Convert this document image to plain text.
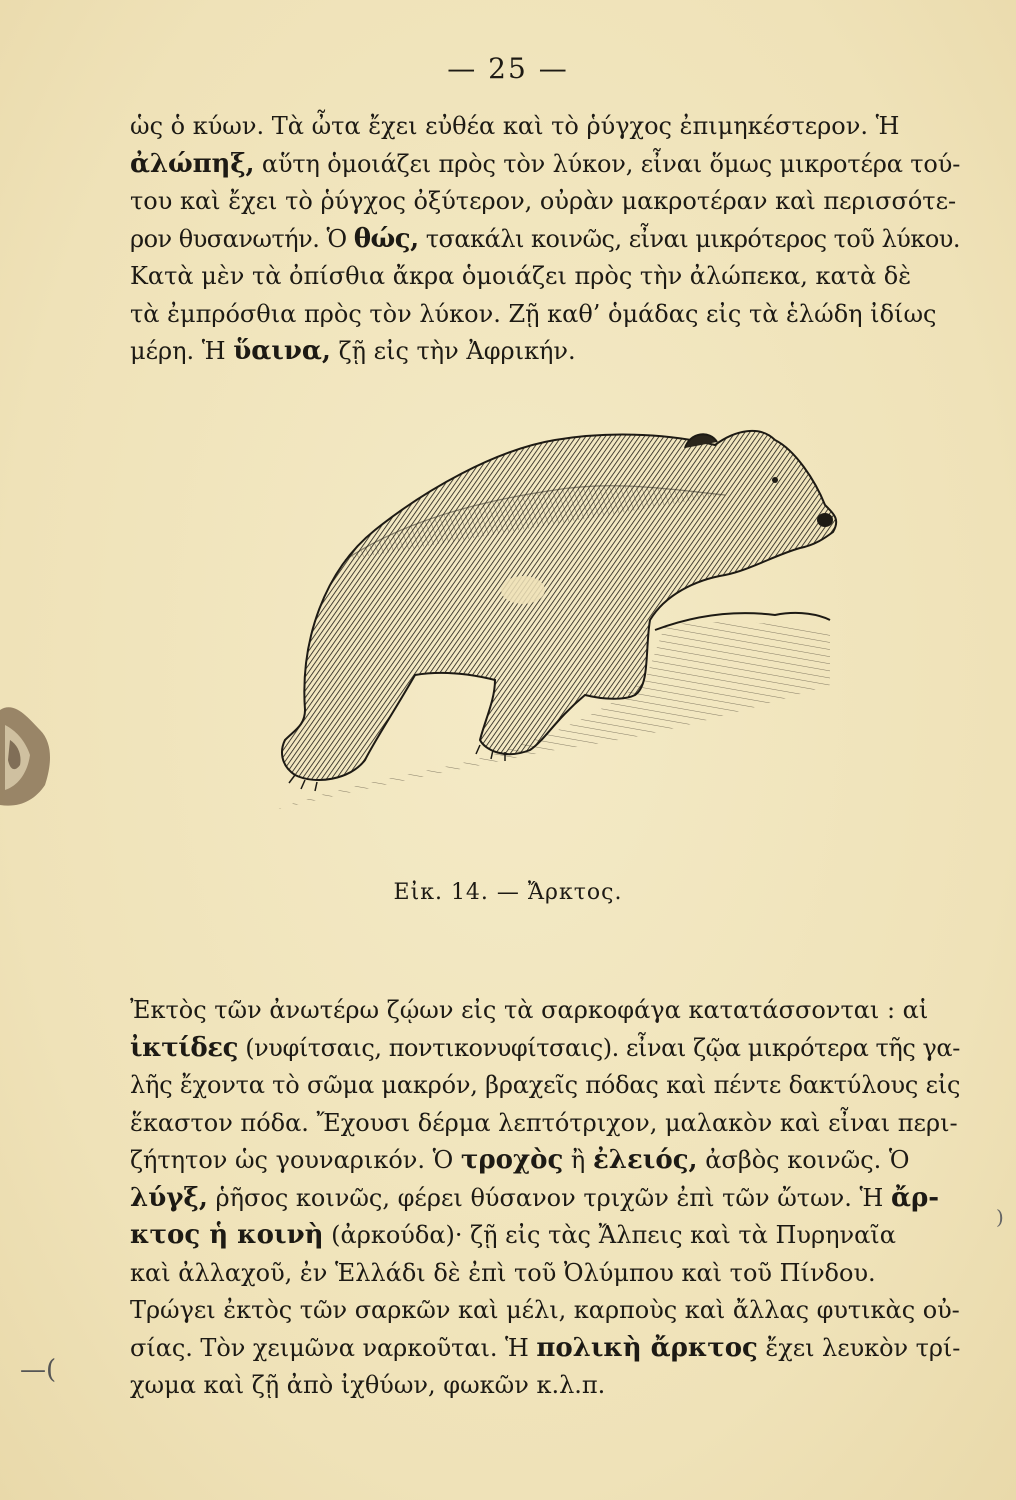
— 25 —
ὡς ὁ κύων. Τὰ ὦτα ἔχει εὐθέα καὶ τὸ ῥύγχος ἐπιμηκέστερον. Ἡ
ἀλώπηξ, αὕτη ὁμοιάζει πρὸς τὸν λύκον, εἶναι ὅμως μικροτέρα τού-
του καὶ ἔχει τὸ ῥύγχος ὀξύτερον, οὐρὰν μακροτέραν καὶ περισσότε-
ρον θυσανωτήν. Ὁ θώς, τσακάλι κοινῶς, εἶναι μικρότερος τοῦ λύκου.
Κατὰ μὲν τὰ ὀπίσθια ἄκρα ὁμοιάζει πρὸς τὴν ἀλώπεκα, κατὰ δὲ
τὰ ἐμπρόσθια πρὸς τὸν λύκον. Ζῇ καθ’ ὁμάδας εἰς τὰ ἑλώδη ἰδίως
μέρη. Ἡ ὕαινα, ζῇ εἰς τὴν Ἀφρικήν.
Εἰκ. 14. — Ἄρκτος.
Ἐκτὸς τῶν ἀνωτέρω ζῴων εἰς τὰ σαρκοφάγα κατατάσσονται : αἱ
ἰκτίδες (νυφίτσαις, ποντικονυφίτσαις). εἶναι ζῷα μικρότερα τῆς γα-
λῆς ἔχοντα τὸ σῶμα μακρόν, βραχεῖς πόδας καὶ πέντε δακτύλους εἰς
ἕκαστον πόδα. Ἔχουσι δέρμα λεπτότριχον, μαλακὸν καὶ εἶναι περι-
ζήτητον ὡς γουναρικόν. Ὁ τροχὸς ἢ ἐλειός, ἀσβὸς κοινῶς. Ὁ
λύγξ, ῥῆσος κοινῶς, φέρει θύσανον τριχῶν ἐπὶ τῶν ὤτων. Ἡ ἄρ-
κτος ἡ κοινὴ (ἀρκούδα)· ζῇ εἰς τὰς Ἄλπεις καὶ τὰ Πυρηναῖα
καὶ ἀλλαχοῦ, ἐν Ἑλλάδι δὲ ἐπὶ τοῦ Ὀλύμπου καὶ τοῦ Πίνδου.
Τρώγει ἐκτὸς τῶν σαρκῶν καὶ μέλι, καρποὺς καὶ ἄλλας φυτικὰς οὐ-
σίας. Τὸν χειμῶνα ναρκοῦται. Ἡ πολικὴ ἄρκτος ἔχει λευκὸν τρί-
χωμα καὶ ζῇ ἀπὸ ἰχθύων, φωκῶν κ.λ.π.
—(
)
